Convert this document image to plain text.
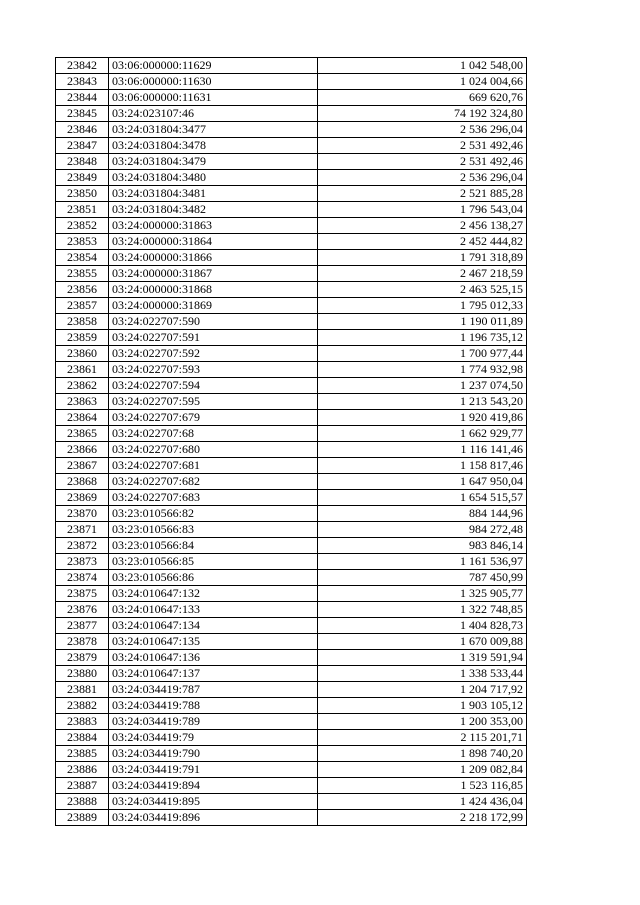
23842	03:06:000000:11629	1 042 548,00
23843	03:06:000000:11630	1 024 004,66
23844	03:06:000000:11631	669 620,76
23845	03:24:023107:46	74 192 324,80
23846	03:24:031804:3477	2 536 296,04
23847	03:24:031804:3478	2 531 492,46
23848	03:24:031804:3479	2 531 492,46
23849	03:24:031804:3480	2 536 296,04
23850	03:24:031804:3481	2 521 885,28
23851	03:24:031804:3482	1 796 543,04
23852	03:24:000000:31863	2 456 138,27
23853	03:24:000000:31864	2 452 444,82
23854	03:24:000000:31866	1 791 318,89
23855	03:24:000000:31867	2 467 218,59
23856	03:24:000000:31868	2 463 525,15
23857	03:24:000000:31869	1 795 012,33
23858	03:24:022707:590	1 190 011,89
23859	03:24:022707:591	1 196 735,12
23860	03:24:022707:592	1 700 977,44
23861	03:24:022707:593	1 774 932,98
23862	03:24:022707:594	1 237 074,50
23863	03:24:022707:595	1 213 543,20
23864	03:24:022707:679	1 920 419,86
23865	03:24:022707:68	1 662 929,77
23866	03:24:022707:680	1 116 141,46
23867	03:24:022707:681	1 158 817,46
23868	03:24:022707:682	1 647 950,04
23869	03:24:022707:683	1 654 515,57
23870	03:23:010566:82	884 144,96
23871	03:23:010566:83	984 272,48
23872	03:23:010566:84	983 846,14
23873	03:23:010566:85	1 161 536,97
23874	03:23:010566:86	787 450,99
23875	03:24:010647:132	1 325 905,77
23876	03:24:010647:133	1 322 748,85
23877	03:24:010647:134	1 404 828,73
23878	03:24:010647:135	1 670 009,88
23879	03:24:010647:136	1 319 591,94
23880	03:24:010647:137	1 338 533,44
23881	03:24:034419:787	1 204 717,92
23882	03:24:034419:788	1 903 105,12
23883	03:24:034419:789	1 200 353,00
23884	03:24:034419:79	2 115 201,71
23885	03:24:034419:790	1 898 740,20
23886	03:24:034419:791	1 209 082,84
23887	03:24:034419:894	1 523 116,85
23888	03:24:034419:895	1 424 436,04
23889	03:24:034419:896	2 218 172,99
